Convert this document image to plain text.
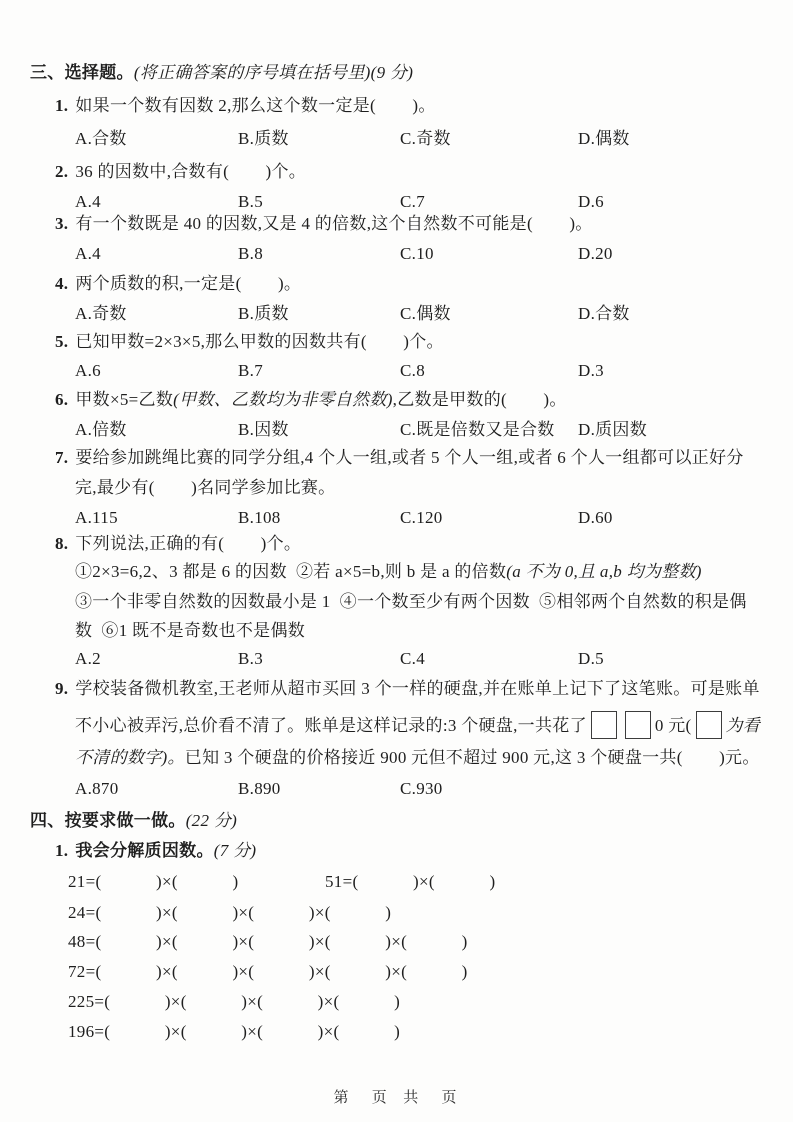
三、选择题。(将正确答案的序号填在括号里)(9 分)
1. 如果一个数有因数 2,那么这个数一定是(        )。
A.合数	B.质数	C.奇数	D.偶数
2. 36 的因数中,合数有(        )个。
A.4	B.5	C.7	D.6
3. 有一个数既是 40 的因数,又是 4 的倍数,这个自然数不可能是(        )。
A.4	B.8	C.10	D.20
4. 两个质数的积,一定是(        )。
A.奇数	B.质数	C.偶数	D.合数
5. 已知甲数=2×3×5,那么甲数的因数共有(        )个。
A.6	B.7	C.8	D.3
6. 甲数×5=乙数(甲数、乙数均为非零自然数),乙数是甲数的(        )。
A.倍数	B.因数	C.既是倍数又是合数 D.质因数
7. 要给参加跳绳比赛的同学分组,4 个人一组,或者 5 个人一组,或者 6 个人一组都可以正好分
完,最少有(        )名同学参加比赛。
A.115	B.108	C.120	D.60
8. 下列说法,正确的有(        )个。
①2×3=6,2、3 都是 6 的因数  ②若 a×5=b,则 b 是 a 的倍数(a 不为 0,且 a,b 均为整数)
③一个非零自然数的因数最小是 1  ④一个数至少有两个因数  ⑤相邻两个自然数的积是偶
数  ⑥1 既不是奇数也不是偶数
A.2	B.3	C.4	D.5
9. 学校装备微机教室,王老师从超市买回 3 个一样的硬盘,并在账单上记下了这笔账。可是账单
不小心被弄污,总价看不清了。账单是这样记录的:3 个硬盘,一共花了	0 元( 为看
不清的数字)。已知 3 个硬盘的价格接近 900 元但不超过 900 元,这 3 个硬盘一共(        )元。
A.870	B.890	C.930
四、按要求做一做。(22 分)
1. 我会分解质因数。(7 分)
21=(            )×(            )	51=(            )×(            )
24=(            )×(            )×(            )×(            )
48=(            )×(            )×(            )×(            )×(            )
72=(            )×(            )×(            )×(            )×(            )
225=(            )×(            )×(            )×(            )
196=(            )×(            )×(            )×(            )
第   页  共   页
